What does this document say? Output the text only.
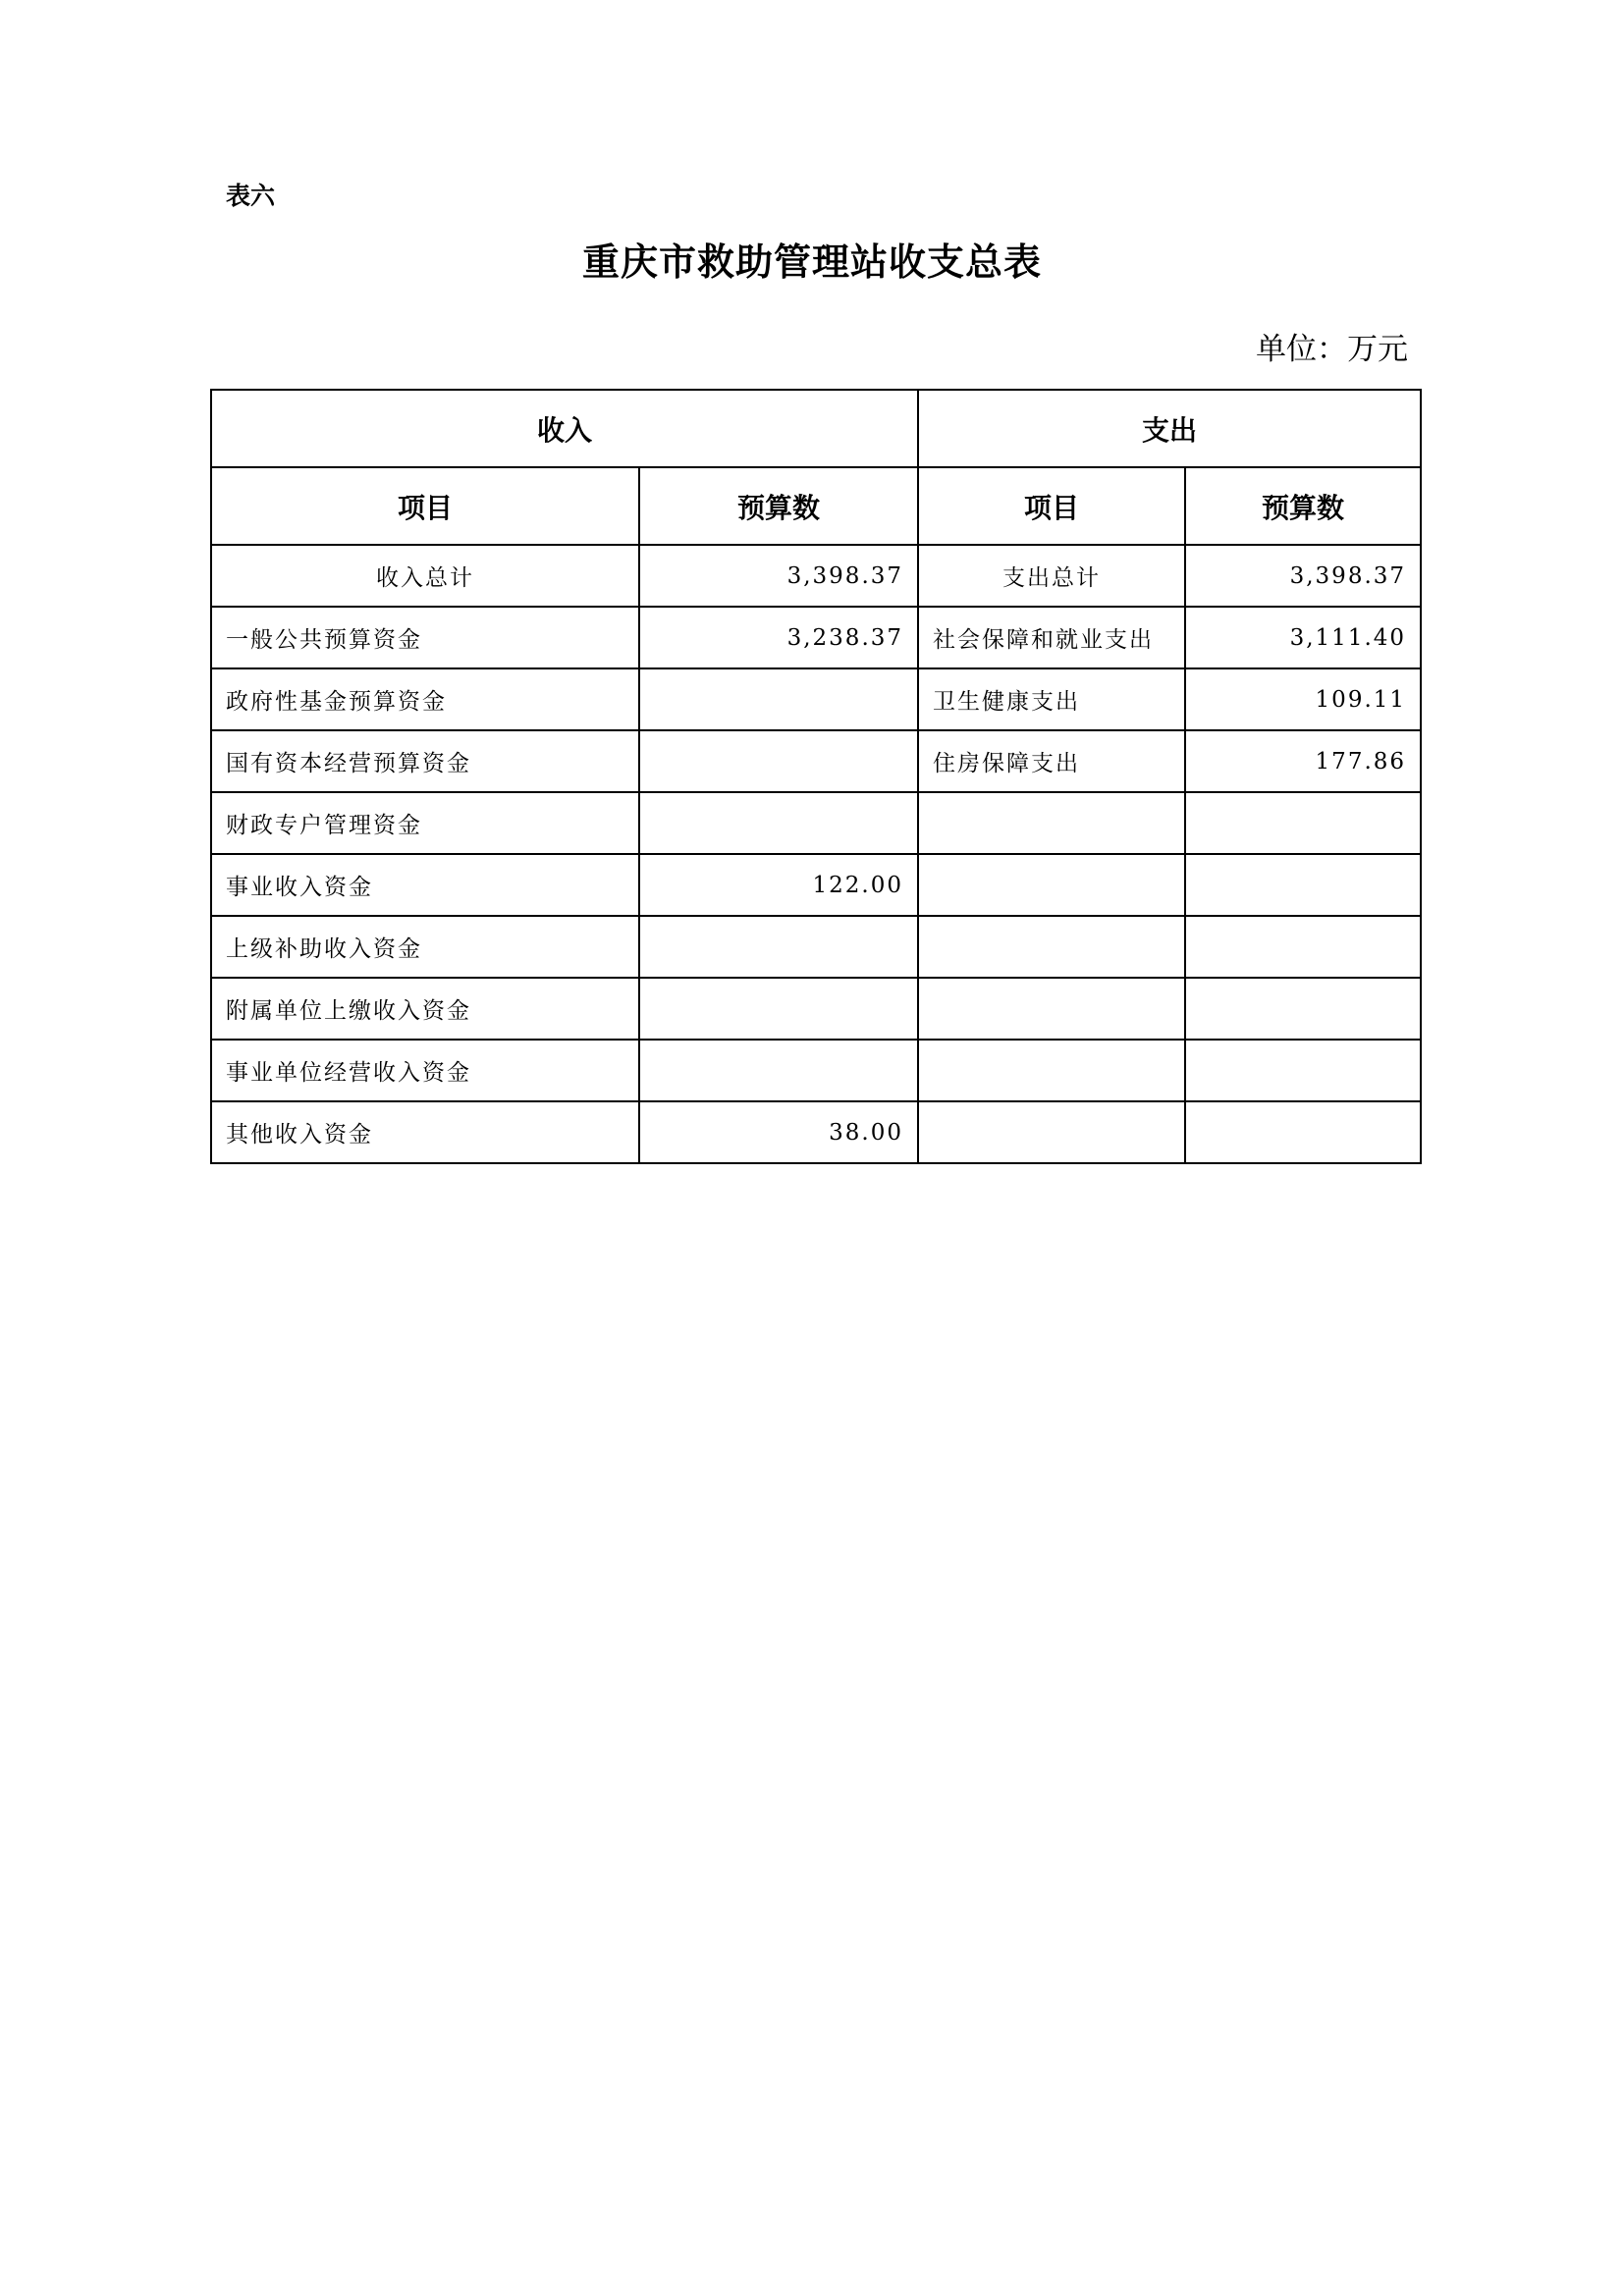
表六
重庆市救助管理站收支总表
单位：万元
收入		支出	
项目	预算数	项目	预算数
收入总计	3,398.37	支出总计	3,398.37
一般公共预算资金	3,238.37	社会保障和就业支出	3,111.40
政府性基金预算资金		卫生健康支出	109.11
国有资本经营预算资金		住房保障支出	177.86
财政专户管理资金			
事业收入资金	122.00		
上级补助收入资金			
附属单位上缴收入资金			
事业单位经营收入资金			
其他收入资金	38.00		
